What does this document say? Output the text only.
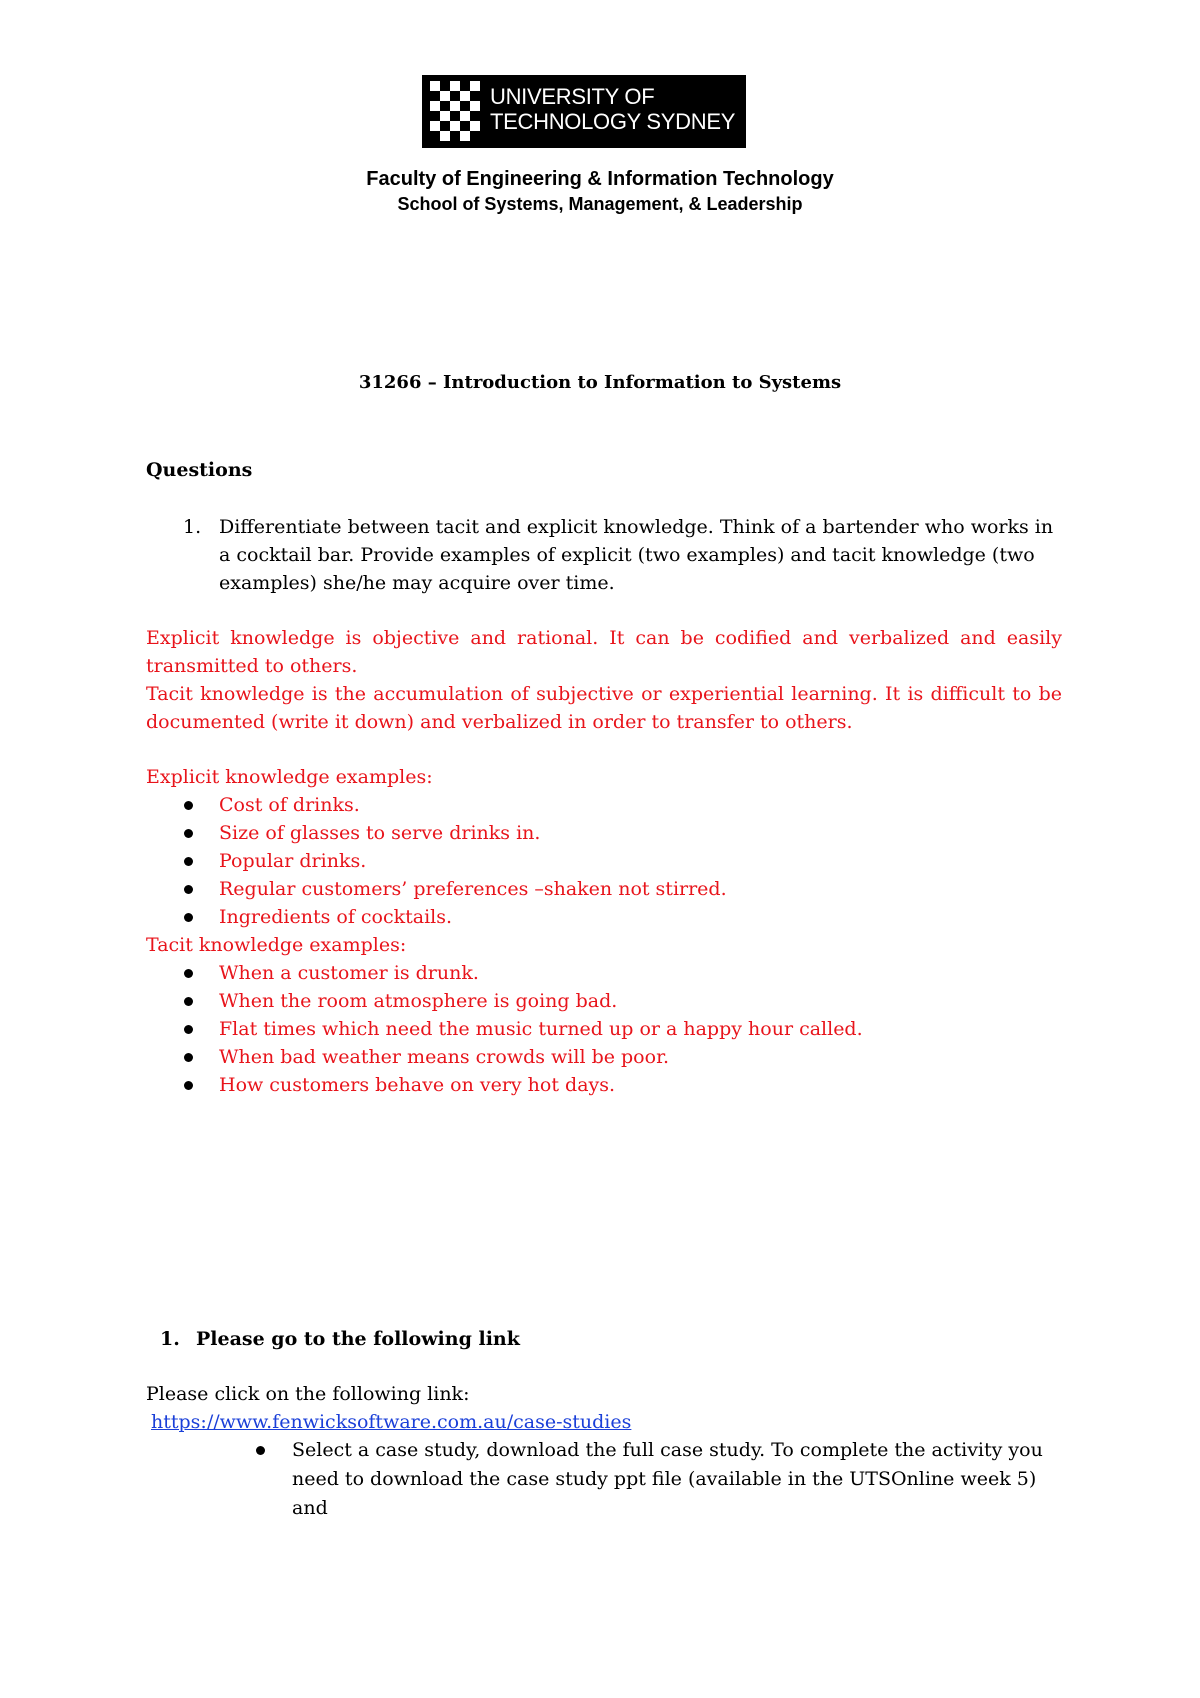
UNIVERSITY OF
TECHNOLOGY SYDNEY
Faculty of Engineering & Information Technology
School of Systems, Management, & Leadership
31266 – Introduction to Information to Systems
Questions
1. Differentiate between tacit and explicit knowledge. Think of a bartender who works in
a cocktail bar. Provide examples of explicit (two examples) and tacit knowledge (two
examples) she/he may acquire over time.
Explicit knowledge is objective and rational. It can be codified and verbalized and easily transmitted to others.
Tacit knowledge is the accumulation of subjective or experiential learning. It is difficult to be documented (write it down) and verbalized in order to transfer to others.
Explicit knowledge examples:
Cost of drinks.
Size of glasses to serve drinks in.
Popular drinks.
Regular customers’ preferences –shaken not stirred.
Ingredients of cocktails.
Tacit knowledge examples:
When a customer is drunk.
When the room atmosphere is going bad.
Flat times which need the music turned up or a happy hour called.
When bad weather means crowds will be poor.
How customers behave on very hot days.
1. Please go to the following link
Please click on the following link:
https://www.fenwicksoftware.com.au/case-studies
Select a case study, download the full case study. To complete the activity you
need to download the case study ppt file (available in the UTSOnline week 5)
and
